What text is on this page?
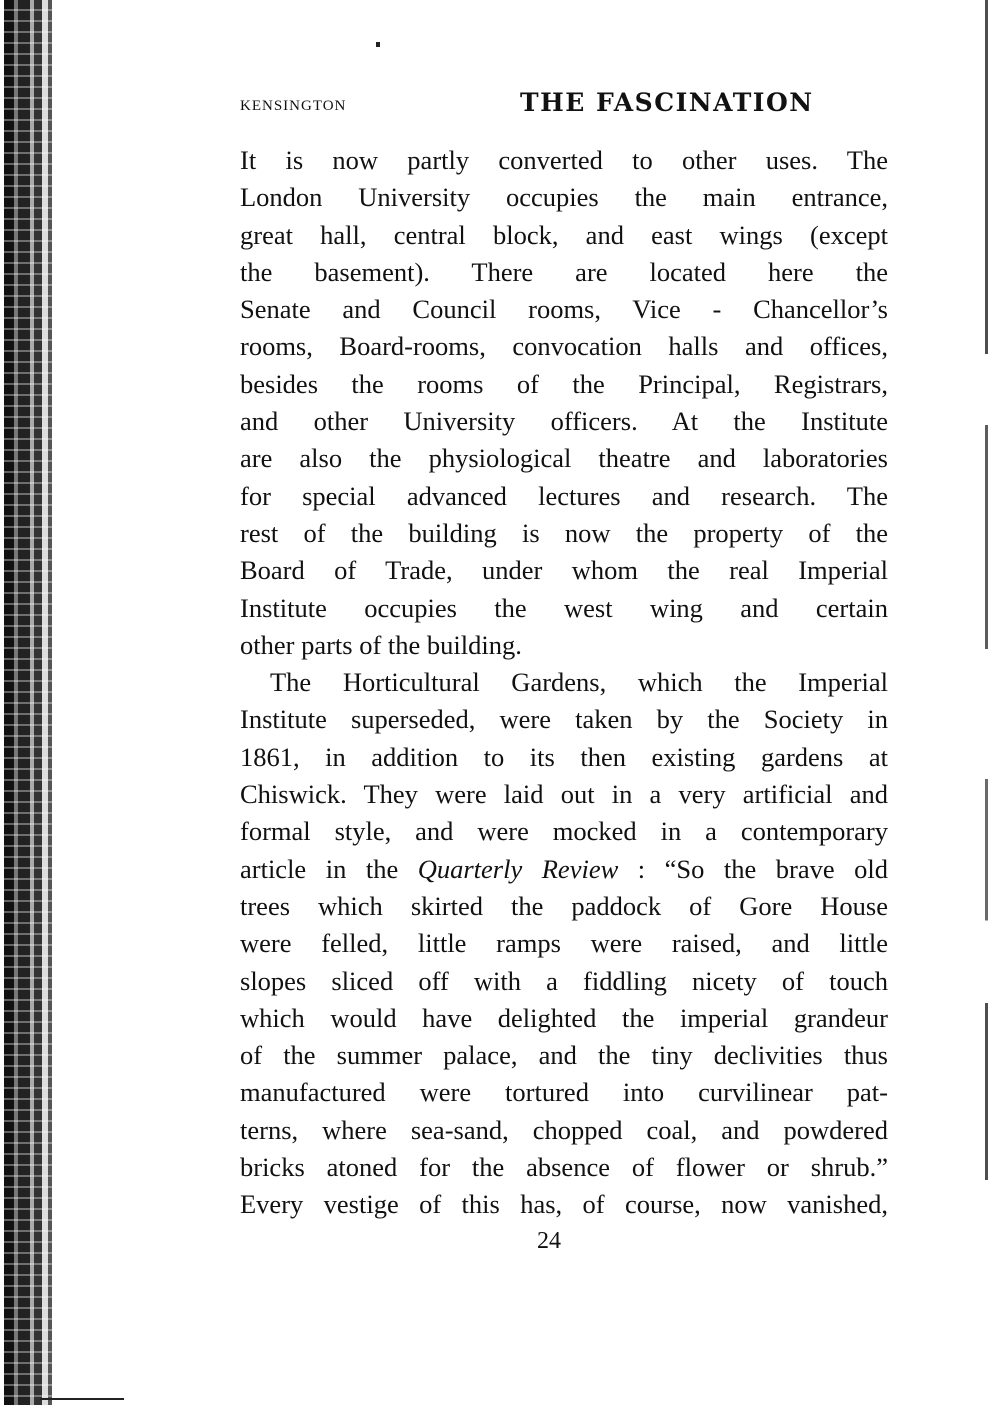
KENSINGTON	THE FASCINATION
It is now partly converted to other uses. The
London University occupies the main entrance,
great hall, central block, and east wings (except
the basement). There are located here the
Senate and Council rooms, Vice - Chancellor’s
rooms, Board-rooms, convocation halls and offices,
besides the rooms of the Principal, Registrars,
and other University officers. At the Institute
are also the physiological theatre and laboratories
for special advanced lectures and research. The
rest of the building is now the property of the
Board of Trade, under whom the real Imperial
Institute occupies the west wing and certain
other parts of the building.
The Horticultural Gardens, which the Imperial
Institute superseded, were taken by the Society in
1861, in addition to its then existing gardens at
Chiswick. They were laid out in a very artificial and
formal style, and were mocked in a contemporary
article in the Quarterly Review : “So the brave old
trees which skirted the paddock of Gore House
were felled, little ramps were raised, and little
slopes sliced off with a fiddling nicety of touch
which would have delighted the imperial grandeur
of the summer palace, and the tiny declivities thus
manufactured were tortured into curvilinear pat-
terns, where sea-sand, chopped coal, and powdered
bricks atoned for the absence of flower or shrub.”
Every vestige of this has, of course, now vanished,
24
